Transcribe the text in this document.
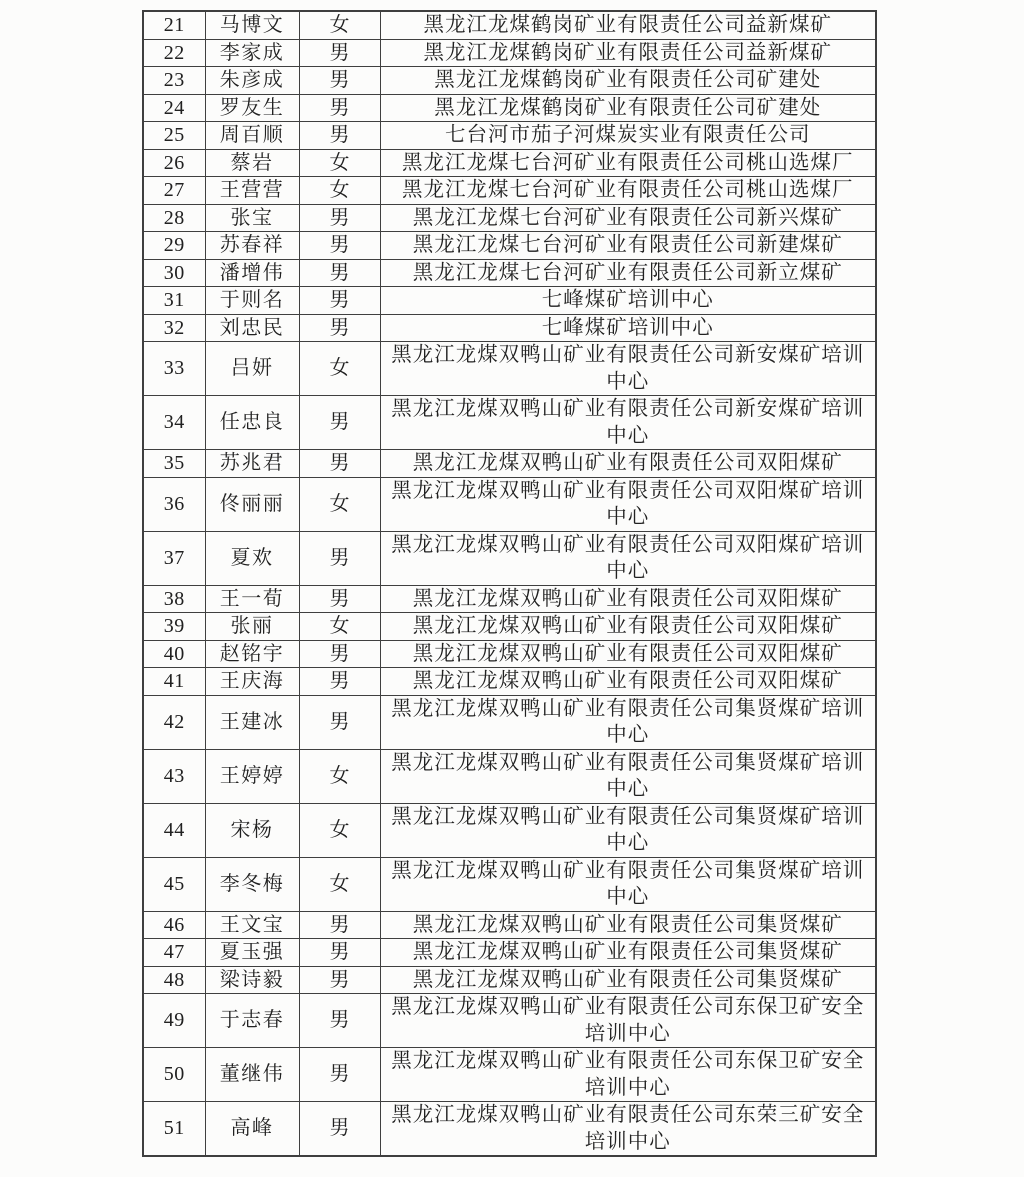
21	马博文	女	黑龙江龙煤鹤岗矿业有限责任公司益新煤矿
22	李家成	男	黑龙江龙煤鹤岗矿业有限责任公司益新煤矿
23	朱彦成	男	黑龙江龙煤鹤岗矿业有限责任公司矿建处
24	罗友生	男	黑龙江龙煤鹤岗矿业有限责任公司矿建处
25	周百顺	男	七台河市茄子河煤炭实业有限责任公司
26	蔡岩	女	黑龙江龙煤七台河矿业有限责任公司桃山选煤厂
27	王营营	女	黑龙江龙煤七台河矿业有限责任公司桃山选煤厂
28	张宝	男	黑龙江龙煤七台河矿业有限责任公司新兴煤矿
29	苏春祥	男	黑龙江龙煤七台河矿业有限责任公司新建煤矿
30	潘增伟	男	黑龙江龙煤七台河矿业有限责任公司新立煤矿
31	于则名	男	七峰煤矿培训中心
32	刘忠民	男	七峰煤矿培训中心
33	吕妍	女	黑龙江龙煤双鸭山矿业有限责任公司新安煤矿培训中心
34	任忠良	男	黑龙江龙煤双鸭山矿业有限责任公司新安煤矿培训中心
35	苏兆君	男	黑龙江龙煤双鸭山矿业有限责任公司双阳煤矿
36	佟丽丽	女	黑龙江龙煤双鸭山矿业有限责任公司双阳煤矿培训中心
37	夏欢	男	黑龙江龙煤双鸭山矿业有限责任公司双阳煤矿培训中心
38	王一荀	男	黑龙江龙煤双鸭山矿业有限责任公司双阳煤矿
39	张丽	女	黑龙江龙煤双鸭山矿业有限责任公司双阳煤矿
40	赵铭宇	男	黑龙江龙煤双鸭山矿业有限责任公司双阳煤矿
41	王庆海	男	黑龙江龙煤双鸭山矿业有限责任公司双阳煤矿
42	王建冰	男	黑龙江龙煤双鸭山矿业有限责任公司集贤煤矿培训中心
43	王婷婷	女	黑龙江龙煤双鸭山矿业有限责任公司集贤煤矿培训中心
44	宋杨	女	黑龙江龙煤双鸭山矿业有限责任公司集贤煤矿培训中心
45	李冬梅	女	黑龙江龙煤双鸭山矿业有限责任公司集贤煤矿培训中心
46	王文宝	男	黑龙江龙煤双鸭山矿业有限责任公司集贤煤矿
47	夏玉强	男	黑龙江龙煤双鸭山矿业有限责任公司集贤煤矿
48	梁诗毅	男	黑龙江龙煤双鸭山矿业有限责任公司集贤煤矿
49	于志春	男	黑龙江龙煤双鸭山矿业有限责任公司东保卫矿安全培训中心
50	董继伟	男	黑龙江龙煤双鸭山矿业有限责任公司东保卫矿安全培训中心
51	高峰	男	黑龙江龙煤双鸭山矿业有限责任公司东荣三矿安全培训中心
